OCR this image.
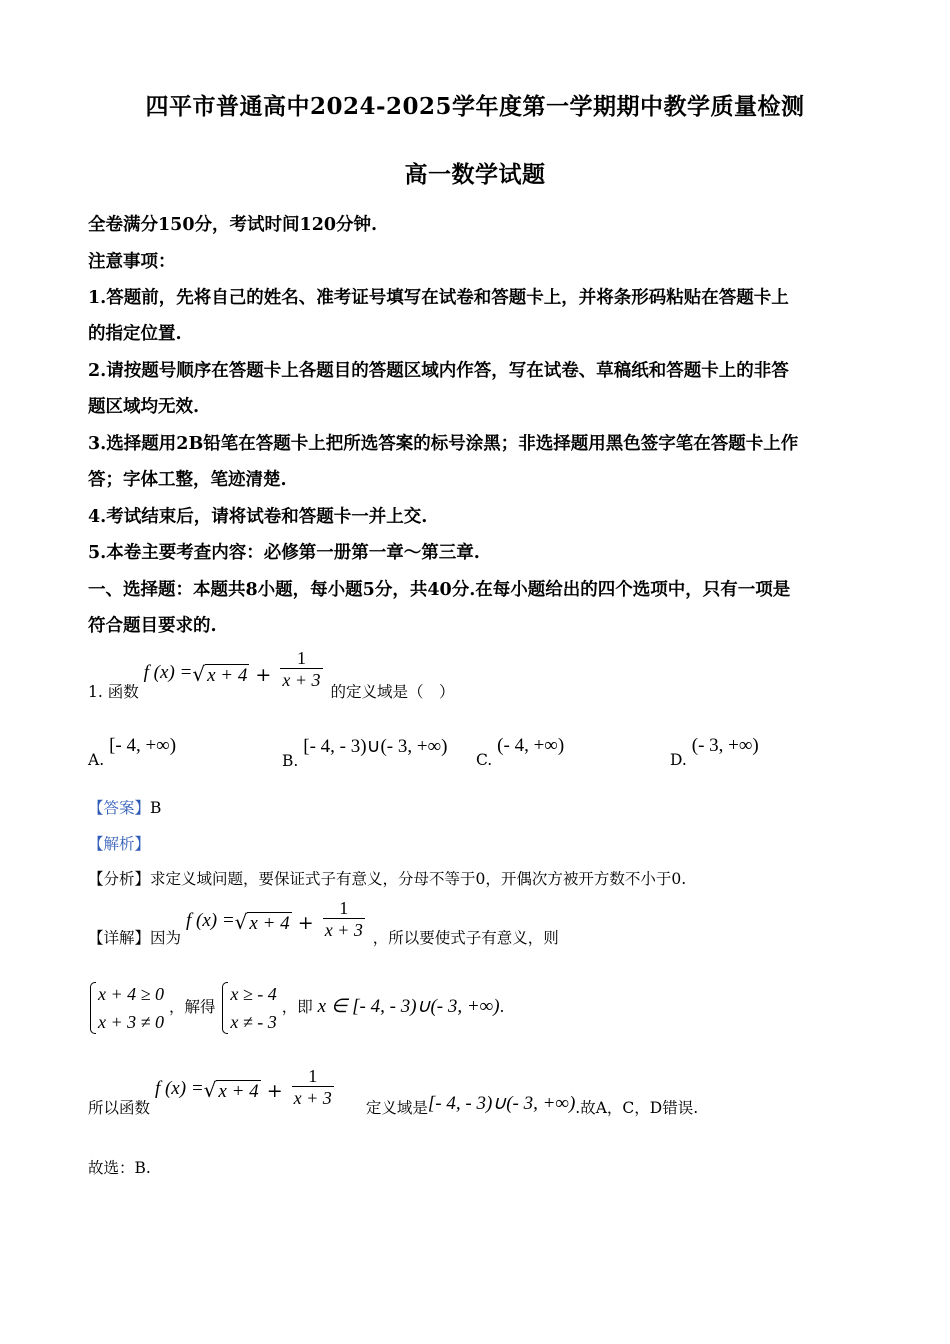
四平市普通高中2024-2025学年度第一学期期中教学质量检测
高一数学试题
全卷满分150分，考试时间120分钟.
注意事项：
1.答题前，先将自己的姓名、准考证号填写在试卷和答题卡上，并将条形码粘贴在答题卡上
的指定位置.
2.请按题号顺序在答题卡上各题目的答题区域内作答，写在试卷、草稿纸和答题卡上的非答
题区域均无效.
3.选择题用2B铅笔在答题卡上把所选答案的标号涂黑；非选择题用黑色签字笔在答题卡上作
答；字体工整，笔迹清楚.
4.考试结束后，请将试卷和答题卡一并上交.
5.本卷主要考查内容：必修第一册第一章～第三章.
一、选择题：本题共8小题，每小题5分，共40分.在每小题给出的四个选项中，只有一项是
符合题目要求的.
1. 函数 f (x) =√ $x + 4 + \frac{1}{x + 3}$
的定义域是（　）
A. [- 4, +∞)
B. [- 4, - 3)∪(- 3, +∞)
C. (- 4, +∞)
D. (- 3, +∞)
【答案】B
【解析】
【分析】求定义域问题，要保证式子有意义，分母不等于0，开偶次方被开方数不小于0.
【详解】因为 f (x) =√ $x + 4 + \frac{1}{x + 3}$ ，所以要使式子有意义，则
x + 4 ≥ 0
x + 3 ≠ 0
，解得
x ≥ - 4
x ≠ - 3
，即 x ∈ [- 4, - 3)∪(- 3, +∞).
所以函数 f (x) =√ $x + 4 + \frac{1}{x + 3}$ 定义域是[- 4, - 3)∪(- 3, +∞).故A，C，D错误.
故选：B.
